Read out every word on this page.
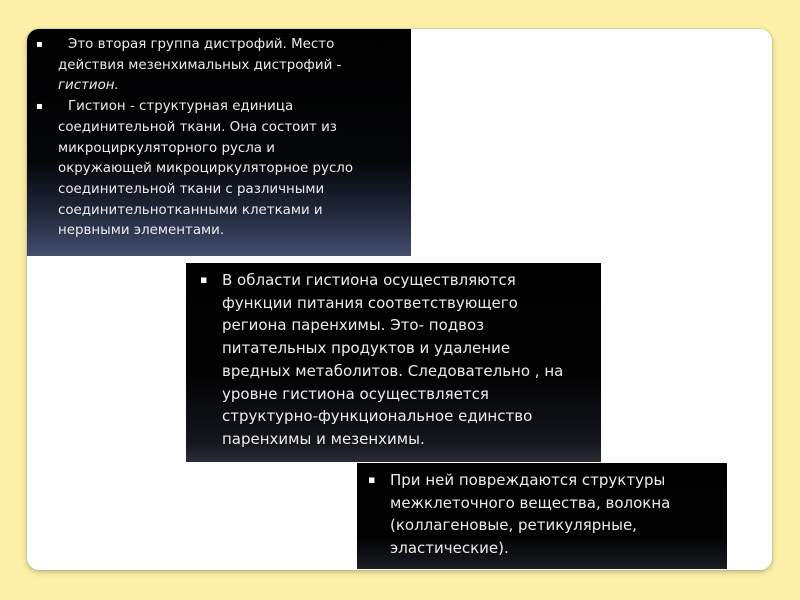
▪	Это вторая группа дистрофий. Место
действия мезенхимальных дистрофий -
гистион.
▪	Гистион - структурная единица
соединительной ткани. Она состоит из
микроциркуляторного русла и
окружающей микроциркуляторное русло
соединительной ткани с различными
соединительнотканными клетками и
нервными элементами.
▪ В области гистиона осуществляются
функции питания соответствующего
региона паренхимы. Это- подвоз
питательных продуктов и удаление
вредных метаболитов. Следовательно , на
уровне гистиона осуществляется
структурно-функциональное единство
паренхимы и мезенхимы.
▪ При ней повреждаются структуры
межклеточного вещества, волокна
(коллагеновые, ретикулярные,
эластические).
